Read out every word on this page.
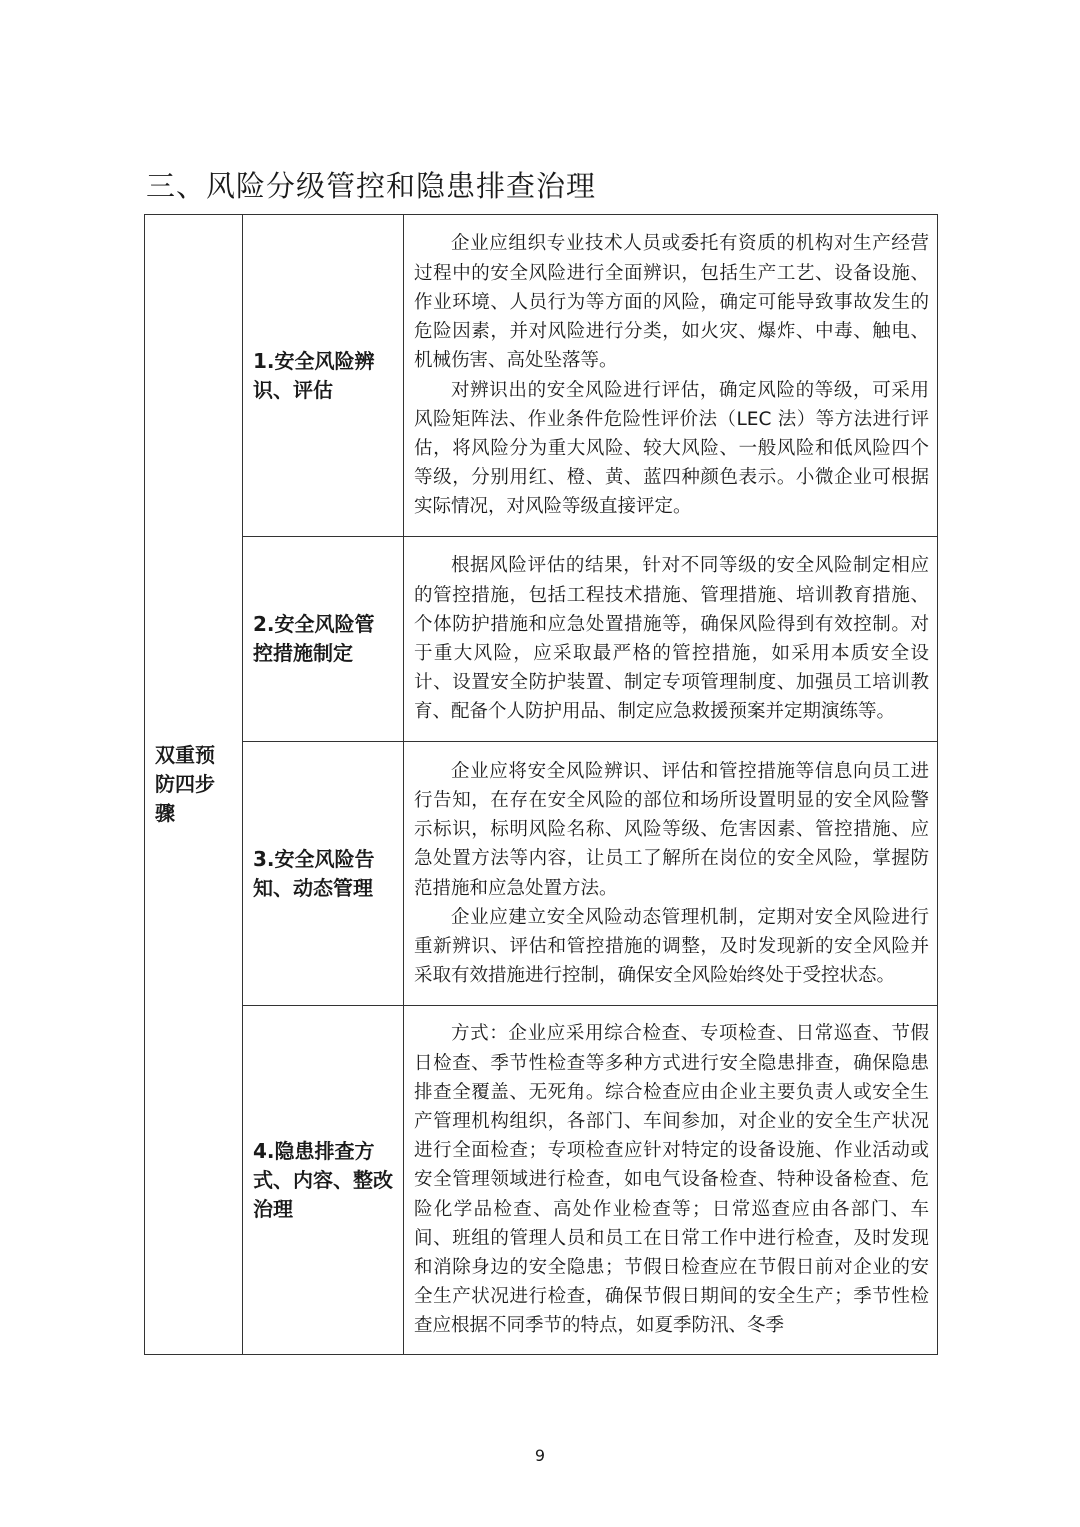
三、风险分级管控和隐患排查治理
双重预防四步骤	1.安全风险辨识、评估	企业应组织专业技术人员或委托有资质的机构对生产经营过程中的安全风险进行全面辨识，包括生产工艺、设备设施、作业环境、人员行为等方面的风险，确定可能导致事故发生的危险因素，并对风险进行分类，如火灾、爆炸、中毒、触电、机械伤害、高处坠落等。

对辨识出的安全风险进行评估，确定风险的等级，可采用风险矩阵法、作业条件危险性评价法（LEC 法）等方法进行评估，将风险分为重大风险、较大风险、一般风险和低风险四个等级，分别用红、橙、黄、蓝四种颜色表示。小微企业可根据实际情况，对风险等级直接评定。

	2.安全风险管控措施制定	根据风险评估的结果，针对不同等级的安全风险制定相应的管控措施，包括工程技术措施、管理措施、培训教育措施、个体防护措施和应急处置措施等，确保风险得到有效控制。对于重大风险，应采取最严格的管控措施，如采用本质安全设计、设置安全防护装置、制定专项管理制度、加强员工培训教育、配备个人防护用品、制定应急救援预案并定期演练等。

	3.安全风险告知、动态管理	企业应将安全风险辨识、评估和管控措施等信息向员工进行告知，在存在安全风险的部位和场所设置明显的安全风险警示标识，标明风险名称、风险等级、危害因素、管控措施、应急处置方法等内容，让员工了解所在岗位的安全风险，掌握防范措施和应急处置方法。

企业应建立安全风险动态管理机制，定期对安全风险进行重新辨识、评估和管控措施的调整，及时发现新的安全风险并采取有效措施进行控制，确保安全风险始终处于受控状态。

	4.隐患排查方式、内容、整改治理	方式：企业应采用综合检查、专项检查、日常巡查、节假日检查、季节性检查等多种方式进行安全隐患排查，确保隐患排查全覆盖、无死角。综合检查应由企业主要负责人或安全生产管理机构组织，各部门、车间参加，对企业的安全生产状况进行全面检查；专项检查应针对特定的设备设施、作业活动或安全管理领域进行检查，如电气设备检查、特种设备检查、危险化学品检查、高处作业检查等；日常巡查应由各部门、车间、班组的管理人员和员工在日常工作中进行检查，及时发现和消除身边的安全隐患；节假日检查应在节假日前对企业的安全生产状况进行检查，确保节假日期间的安全生产；季节性检查应根据不同季节的特点，如夏季防汛、冬季

9
